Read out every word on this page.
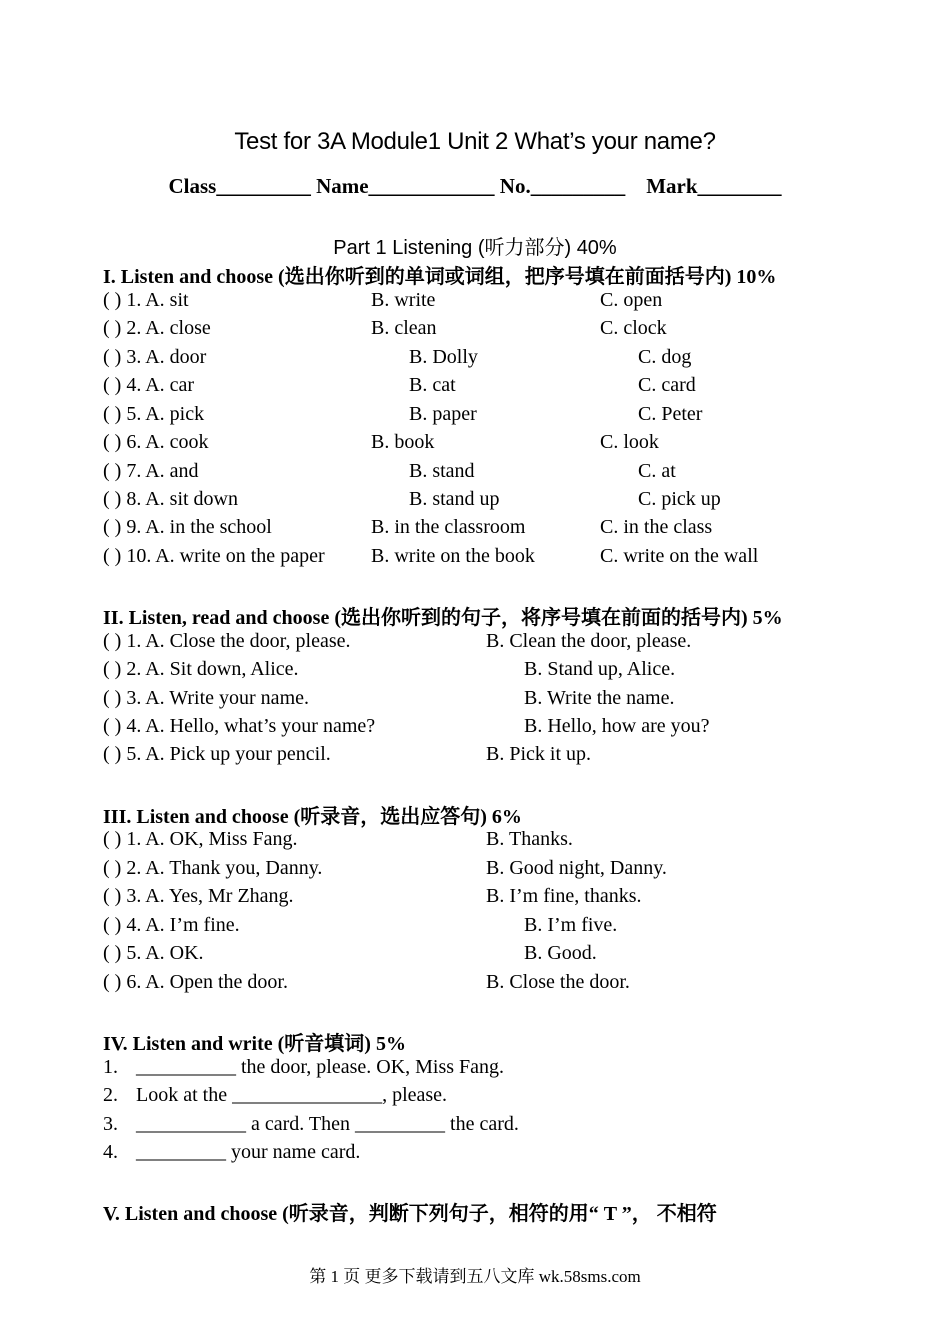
Test for 3A Module1 Unit 2 What’s your name?
Class_________ Name____________ No._________    Mark________
Part 1 Listening (听力部分) 40%
I. Listen and choose (选出你听到的单词或词组，把序号填在前面括号内) 10%
( ) 1. A. sit	B. write	C. open
( ) 2. A. close	B. clean	C. clock
( ) 3. A. door	B. Dolly	C. dog
( ) 4. A. car	B. cat	C. card
( ) 5. A. pick	B. paper	C. Peter
( ) 6. A. cook	B. book	C. look
( ) 7. A. and	B. stand	C. at
( ) 8. A. sit down	B. stand up	C. pick up
( ) 9. A. in the school	B. in the classroom	C. in the class
( ) 10. A. write on the paper B. write on the book	C. write on the wall
II. Listen, read and choose (选出你听到的句子，将序号填在前面的括号内) 5%
( ) 1. A. Close the door, please.	B. Clean the door, please.
( ) 2. A. Sit down, Alice.	B. Stand up, Alice.
( ) 3. A. Write your name.	B. Write the name.
( ) 4. A. Hello, what’s your name?	B. Hello, how are you?
( ) 5. A. Pick up your pencil.	B. Pick it up.
III. Listen and choose (听录音，选出应答句) 6%
( ) 1. A. OK, Miss Fang.	B. Thanks.
( ) 2. A. Thank you, Danny.	B. Good night, Danny.
( ) 3. A. Yes, Mr Zhang.	B. I’m fine, thanks.
( ) 4. A. I’m fine.	B. I’m five.
( ) 5. A. OK.	B. Good.
( ) 6. A. Open the door.	B. Close the door.
IV. Listen and write (听音填词) 5%
1. __________ the door, please. OK, Miss Fang.
2. Look at the _______________, please.
3. ___________ a card. Then _________ the card.
4. _________ your name card.
V. Listen and choose (听录音，判断下列句子，相符的用“ T ”， 不相符
第 1 页 更多下载请到五八文库 wk.58sms.com
